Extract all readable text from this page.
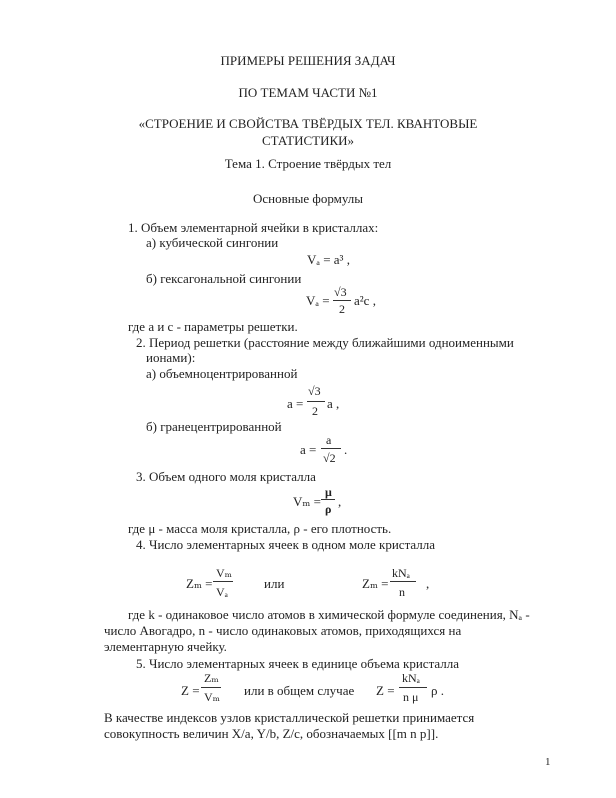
ПРИМЕРЫ РЕШЕНИЯ ЗАДАЧ
ПО ТЕМАМ ЧАСТИ №1
«СТРОЕНИЕ И СВОЙСТВА ТВЁРДЫХ ТЕЛ. КВАНТОВЫЕ
СТАТИСТИКИ»
Тема 1. Строение твёрдых тел
Основные формулы
1. Объем элементарной ячейки в кристаллах:
а) кубической сингонии
Vₐ = a³ ,
б) гексагональной сингонии
Vₐ =
√3
2
a²c ,
где a и c - параметры решетки.
2. Период решетки (расстояние между ближайшими одноименными
ионами):
а) объемноцентрированной
a =
√3
2 a ,
б) гранецентрированной
a =
a
√2
.
3. Объем одного моля кристалла
Vₘ =
μ
ρ ,
где μ - масса моля кристалла, ρ - его плотность.
4. Число элементарных ячеек в одном моле кристалла
Zₘ =
Vₘ
Vₐ
или	Zₘ =
kNₐ
n
,
где k - одинаковое число атомов в химической формуле соединения, Nₐ -
число Авогадро, n - число одинаковых атомов, приходящихся на
элементарную ячейку.
5. Число элементарных ячеек в единице объема кристалла
Z =
Zₘ
Vₘ или в общем случае Z =
kNₐ
n μ ρ .
В качестве индексов узлов кристаллической решетки принимается
совокупность величин X/a, Y/b, Z/c, обозначаемых [[m n p]].
1
